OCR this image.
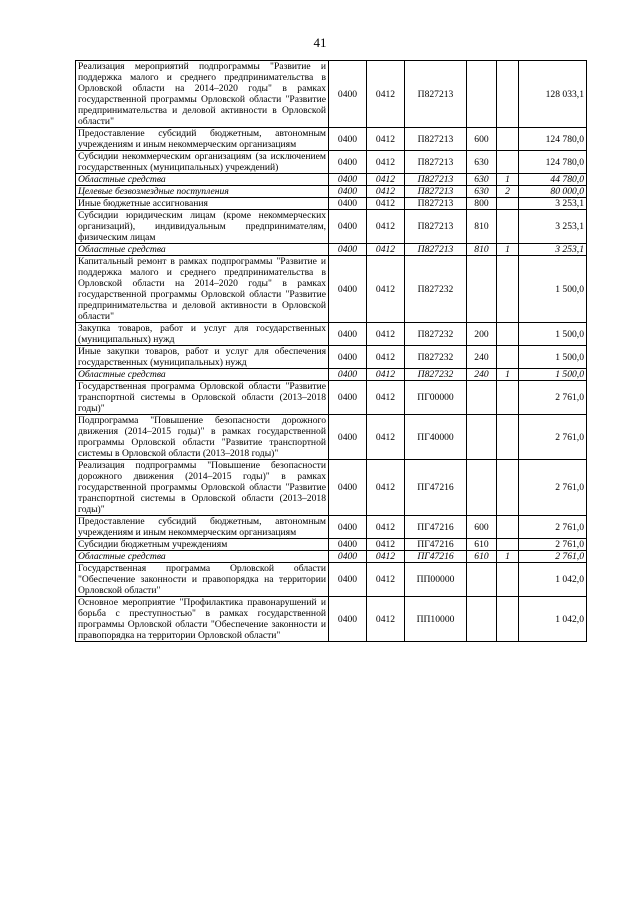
41
Реализация мероприятий подпрограммы "Развитие и поддержка малого и среднего предпринимательства в Орловской области на 2014–2020 годы" в рамках государственной программы Орловской области "Развитие предпринимательства и деловой активности в Орловской области"	0400	0412	П827213			128 033,1
Предоставление субсидий бюджетным, автономным учреждениям и иным некоммерческим организациям	0400	0412	П827213	600		124 780,0
Субсидии некоммерческим организациям (за исключением государственных (муниципальных) учреждений)	0400	0412	П827213	630		124 780,0
Областные средства	0400	0412	П827213	630	1	44 780,0
Целевые безвозмездные поступления	0400	0412	П827213	630	2	80 000,0
Иные бюджетные ассигнования	0400	0412	П827213	800		3 253,1
Субсидии юридическим лицам (кроме некоммерческих организаций), индивидуальным предпринимателям, физическим лицам	0400	0412	П827213	810		3 253,1
Областные средства	0400	0412	П827213	810	1	3 253,1
Капитальный ремонт в рамках подпрограммы "Развитие и поддержка малого и среднего предпринимательства в Орловской области на 2014–2020 годы" в рамках государственной программы Орловской области "Развитие предпринимательства и деловой активности в Орловской области"	0400	0412	П827232			1 500,0
Закупка товаров, работ и услуг для государственных (муниципальных) нужд	0400	0412	П827232	200		1 500,0
Иные закупки товаров, работ и услуг для обеспечения государственных (муниципальных) нужд	0400	0412	П827232	240		1 500,0
Областные средства	0400	0412	П827232	240	1	1 500,0
Государственная программа Орловской области "Развитие транспортной системы в Орловской области (2013–2018 годы)"	0400	0412	ПГ00000			2 761,0
Подпрограмма "Повышение безопасности дорожного движения (2014–2015 годы)" в рамках государственной программы Орловской области "Развитие транспортной системы в Орловской области (2013–2018 годы)"	0400	0412	ПГ40000			2 761,0
Реализация подпрограммы "Повышение безопасности дорожного движения (2014–2015 годы)" в рамках государственной программы Орловской области "Развитие транспортной системы в Орловской области (2013–2018 годы)"	0400	0412	ПГ47216			2 761,0
Предоставление субсидий бюджетным, автономным учреждениям и иным некоммерческим организациям	0400	0412	ПГ47216	600		2 761,0
Субсидии бюджетным учреждениям	0400	0412	ПГ47216	610		2 761,0
Областные средства	0400	0412	ПГ47216	610	1	2 761,0
Государственная программа Орловской области "Обеспечение законности и правопорядка на территории Орловской области"	0400	0412	ПП00000			1 042,0
Основное мероприятие "Профилактика правонарушений и борьба с преступностью" в рамках государственной программы Орловской области "Обеспечение законности и правопорядка на территории Орловской области"	0400	0412	ПП10000			1 042,0
